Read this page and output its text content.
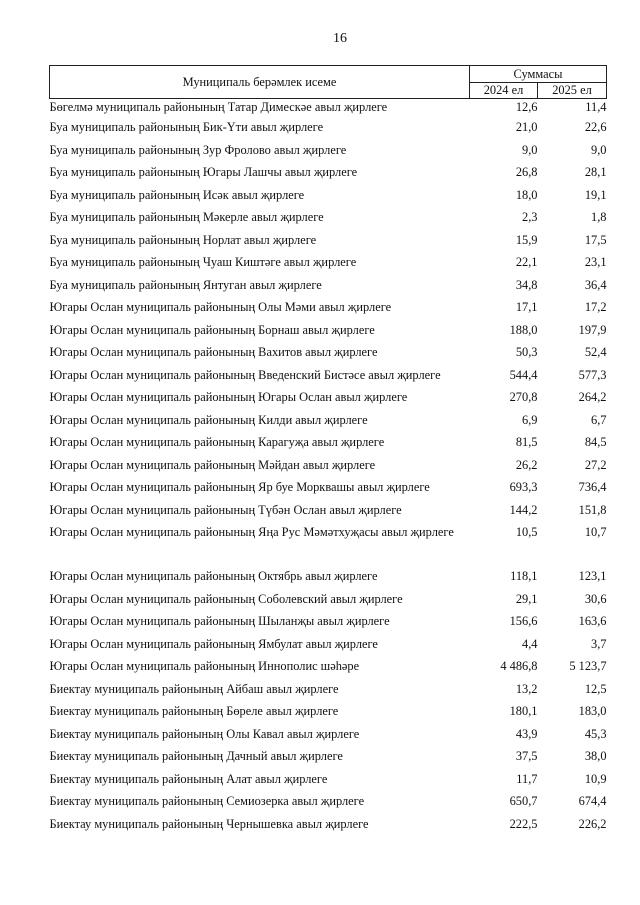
16
Муниципаль берәмлек исеме	Суммасы	
	2024 ел	2025 ел
Бөгелмә муниципаль районының Татар Димескәе авыл җирлеге	12,6	11,4
Буа муниципаль районының Бик-Үти авыл җирлеге	21,0	22,6
Буа муниципаль районының Зур Фролово авыл җирлеге	9,0	9,0
Буа муниципаль районының Югары Лашчы авыл җирлеге	26,8	28,1
Буа муниципаль районының Исәк авыл җирлеге	18,0	19,1
Буа муниципаль районының Мәкерле авыл җирлеге	2,3	1,8
Буа муниципаль районының Норлат авыл җирлеге	15,9	17,5
Буа муниципаль районының Чуаш Киштәге авыл җирлеге	22,1	23,1
Буа муниципаль районының Янтуган авыл җирлеге	34,8	36,4
Югары Ослан муниципаль районының Олы Мәми авыл җирлеге	17,1	17,2
Югары Ослан муниципаль районының Борнаш авыл җирлеге	188,0	197,9
Югары Ослан муниципаль районының Вахитов авыл җирлеге	50,3	52,4
Югары Ослан муниципаль районының Введенский Бистәсе авыл җирлеге	544,4	577,3
Югары Ослан муниципаль районының Югары Ослан авыл җирлеге	270,8	264,2
Югары Ослан муниципаль районының Килди авыл җирлеге	6,9	6,7
Югары Ослан муниципаль районының Карагуҗа авыл җирлеге	81,5	84,5
Югары Ослан муниципаль районының Мәйдан авыл җирлеге	26,2	27,2
Югары Ослан муниципаль районының Яр буе Морквашы авыл җирлеге	693,3	736,4
Югары Ослан муниципаль районының Түбән Ослан авыл җирлеге	144,2	151,8
Югары Ослан муниципаль районының Яңа Рус Мәмәтхуҗасы авыл җирлеге	10,5	10,7
Югары Ослан муниципаль районының Октябрь авыл җирлеге	118,1	123,1
Югары Ослан муниципаль районының Соболевский авыл җирлеге	29,1	30,6
Югары Ослан муниципаль районының Шыланҗы авыл җирлеге	156,6	163,6
Югары Ослан муниципаль районының Ямбулат авыл җирлеге	4,4	3,7
Югары Ослан муниципаль районының Иннополис шәһәре	4 486,8	5 123,7
Биектау муниципаль районының Айбаш авыл җирлеге	13,2	12,5
Биектау муниципаль районының Бөреле авыл җирлеге	180,1	183,0
Биектау муниципаль районының Олы Кавал авыл җирлеге	43,9	45,3
Биектау муниципаль районының Дачный авыл җирлеге	37,5	38,0
Биектау муниципаль районының Алат авыл җирлеге	11,7	10,9
Биектау муниципаль районының Семиозерка авыл җирлеге	650,7	674,4
Биектау муниципаль районының Чернышевка авыл җирлеге	222,5	226,2
